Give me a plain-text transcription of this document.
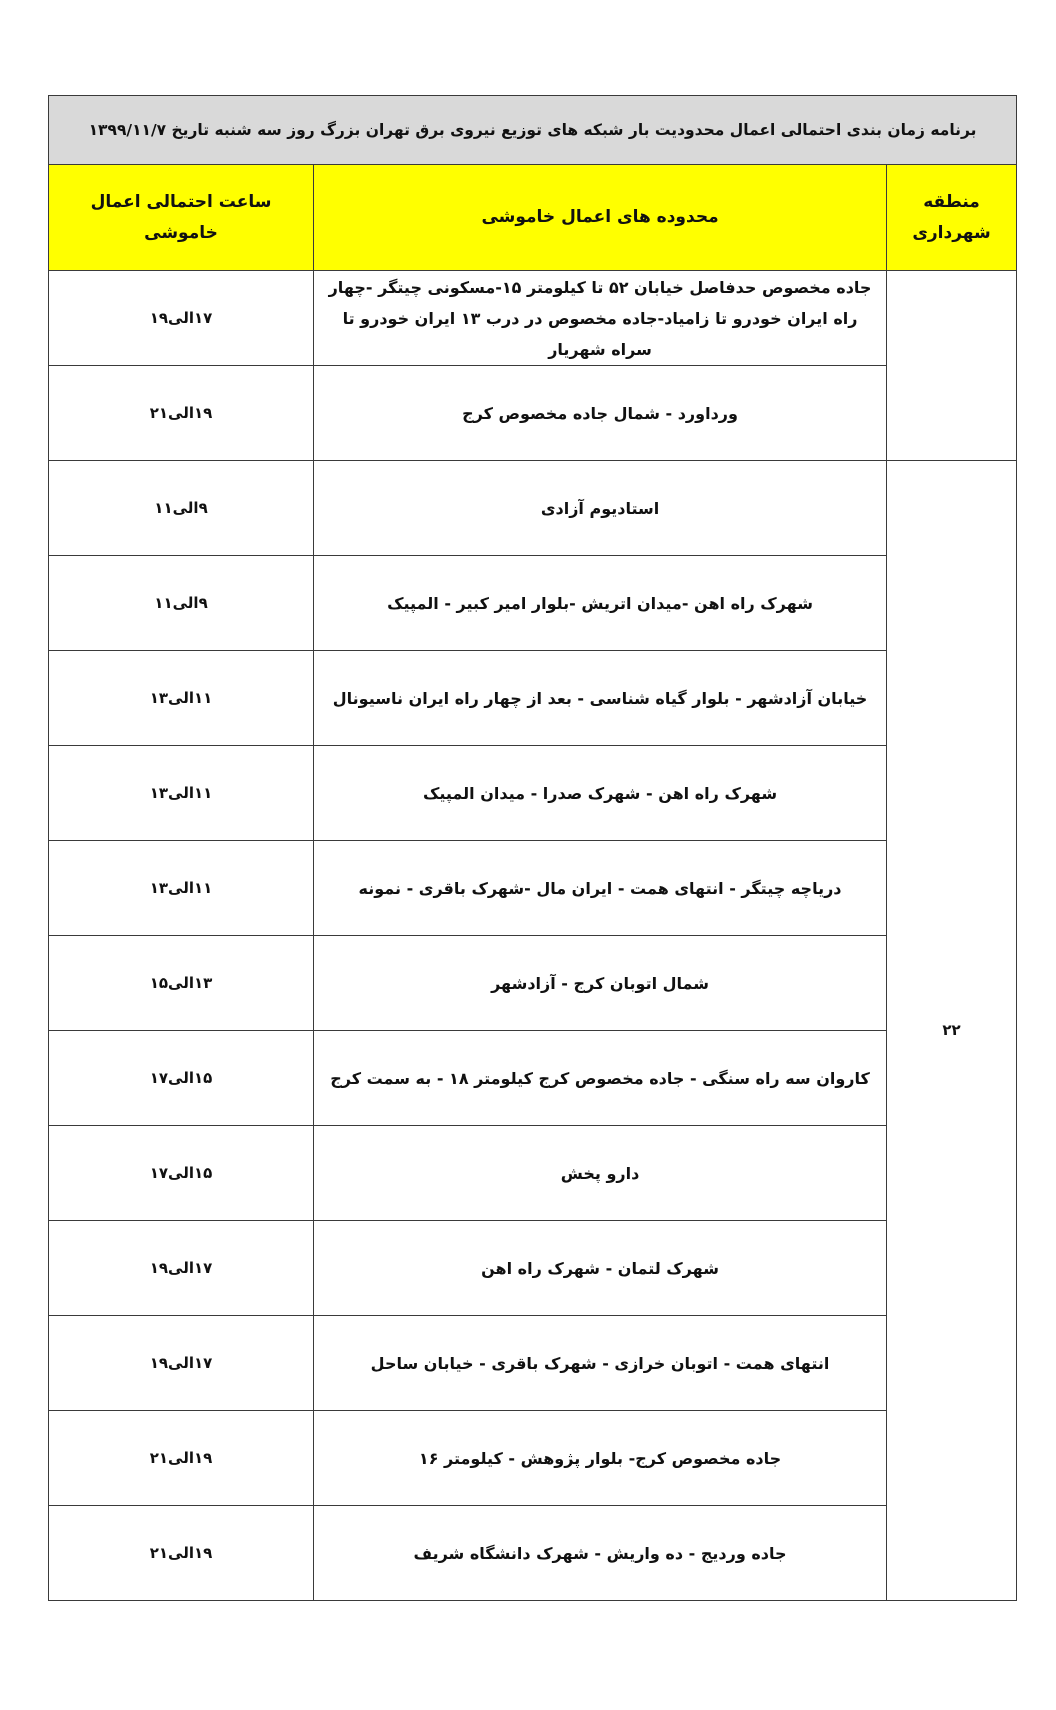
برنامه زمان بندی احتمالی اعمال محدودیت بار شبکه های توزیع نیروی برق تهران بزرگ روز سه شنبه تاریخ ۱۳۹۹/۱۱/۷		
منطقه شهرداری	محدوده های اعمال خاموشی	ساعت احتمالی اعمال خاموشی
	جاده مخصوص حدفاصل خیابان ۵۲ تا کیلومتر ۱۵-مسکونی چیتگر -چهار راه ایران خودرو تا زامیاد-جاده مخصوص در درب ۱۳ ایران خودرو تا سراه شهریار	۱۷الی۱۹
	ورداورد - شمال جاده مخصوص کرج	۱۹الی۲۱
۲۲	استادیوم آزادی	۹الی۱۱
	شهرک راه اهن -میدان اتریش -بلوار امیر کبیر - المپیک	۹الی۱۱
	خیابان آزادشهر - بلوار گیاه شناسی - بعد از چهار راه ایران ناسیونال	۱۱الی۱۳
	شهرک راه اهن - شهرک صدرا - میدان المپیک	۱۱الی۱۳
	دریاچه چیتگر - انتهای همت - ایران مال -شهرک باقری - نمونه	۱۱الی۱۳
	شمال اتوبان کرج - آزادشهر	۱۳الی۱۵
	کاروان سه راه سنگی - جاده مخصوص کرج کیلومتر ۱۸ - به سمت کرج	۱۵الی۱۷
	دارو پخش	۱۵الی۱۷
	شهرک لتمان - شهرک راه اهن	۱۷الی۱۹
	انتهای همت - اتوبان خرازی - شهرک باقری - خیابان ساحل	۱۷الی۱۹
	جاده مخصوص کرج- بلوار پژوهش - کیلومتر ۱۶	۱۹الی۲۱
	جاده وردیج - ده واریش - شهرک دانشگاه شریف	۱۹الی۲۱
